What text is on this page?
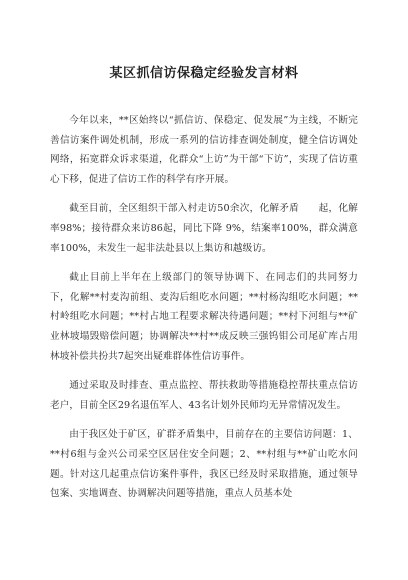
某区抓信访保稳定经验发言材料

今年以来，**区始终以“抓信访、保稳定、促发展”为主线，不断完善信访案件调处机制，形成一系列的信访排查调处制度，健全信访调处网络，拓宽群众诉求渠道，化群众“上访”为干部“下访”，实现了信访重心下移，促进了信访工作的科学有序开展。

截至目前，全区组织干部入村走访50余次，化解矛盾　　起，化解率98%；接待群众来访86起，同比下降 9%，结案率100%，群众满意率100%，未发生一起非法赴县以上集访和越级访。

截止目前上半年在上级部门的领导协调下、在同志们的共同努力下，化解**村麦沟前组、麦沟后组吃水问题；**村杨沟组吃水问题；**村岭组吃水问题；**村占地工程要求解决待遇问题；**村下河组与**矿业林坡塌毁赔偿问题；协调解决**村**成反映三强钨钼公司尾矿库占用林坡补偿共扮共7起突出疑难群体性信访事件。

通过采取及时排查、重点监控、帮扶救助等措施稳控帮扶重点信访老户，目前全区29名退伍军人、43名计划外民师均无异常情况发生。

由于我区处于矿区，矿群矛盾集中，目前存在的主要信访问题：1、**村6组与金兴公司采空区居住安全问题；2、**村组与**矿山吃水问题。针对这几起重点信访案件事件，我区已经及时采取措施，通过领导包案、实地调查、协调解决问题等措施，重点人员基本处
